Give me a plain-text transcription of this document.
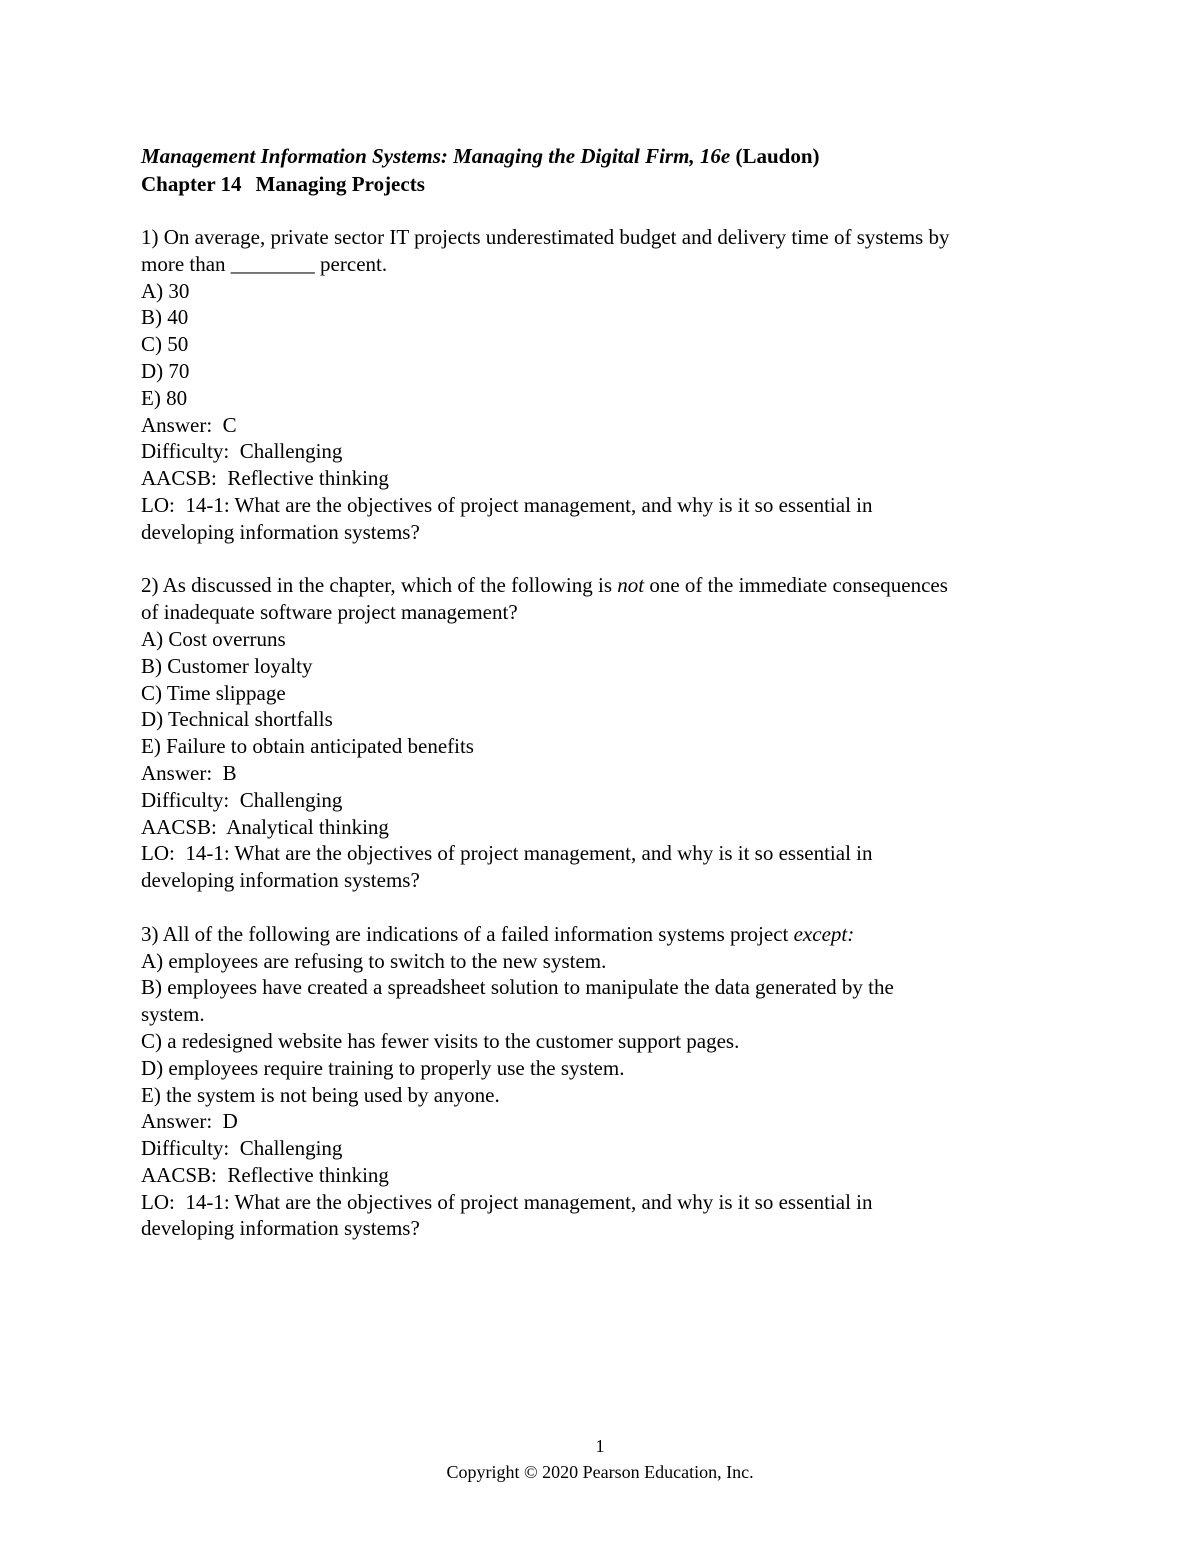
Management Information Systems: Managing the Digital Firm, 16e (Laudon)
Chapter 14 Managing Projects
1) On average, private sector IT projects underestimated budget and delivery time of systems by
more than ________ percent.
A) 30
B) 40
C) 50
D) 70
E) 80
Answer:  C
Difficulty:  Challenging
AACSB:  Reflective thinking
LO:  14-1: What are the objectives of project management, and why is it so essential in
developing information systems?
2) As discussed in the chapter, which of the following is not one of the immediate consequences
of inadequate software project management?
A) Cost overruns
B) Customer loyalty
C) Time slippage
D) Technical shortfalls
E) Failure to obtain anticipated benefits
Answer:  B
Difficulty:  Challenging
AACSB:  Analytical thinking
LO:  14-1: What are the objectives of project management, and why is it so essential in
developing information systems?
3) All of the following are indications of a failed information systems project except:
A) employees are refusing to switch to the new system.
B) employees have created a spreadsheet solution to manipulate the data generated by the
system.
C) a redesigned website has fewer visits to the customer support pages.
D) employees require training to properly use the system.
E) the system is not being used by anyone.
Answer:  D
Difficulty:  Challenging
AACSB:  Reflective thinking
LO:  14-1: What are the objectives of project management, and why is it so essential in
developing information systems?
1
Copyright © 2020 Pearson Education, Inc.
